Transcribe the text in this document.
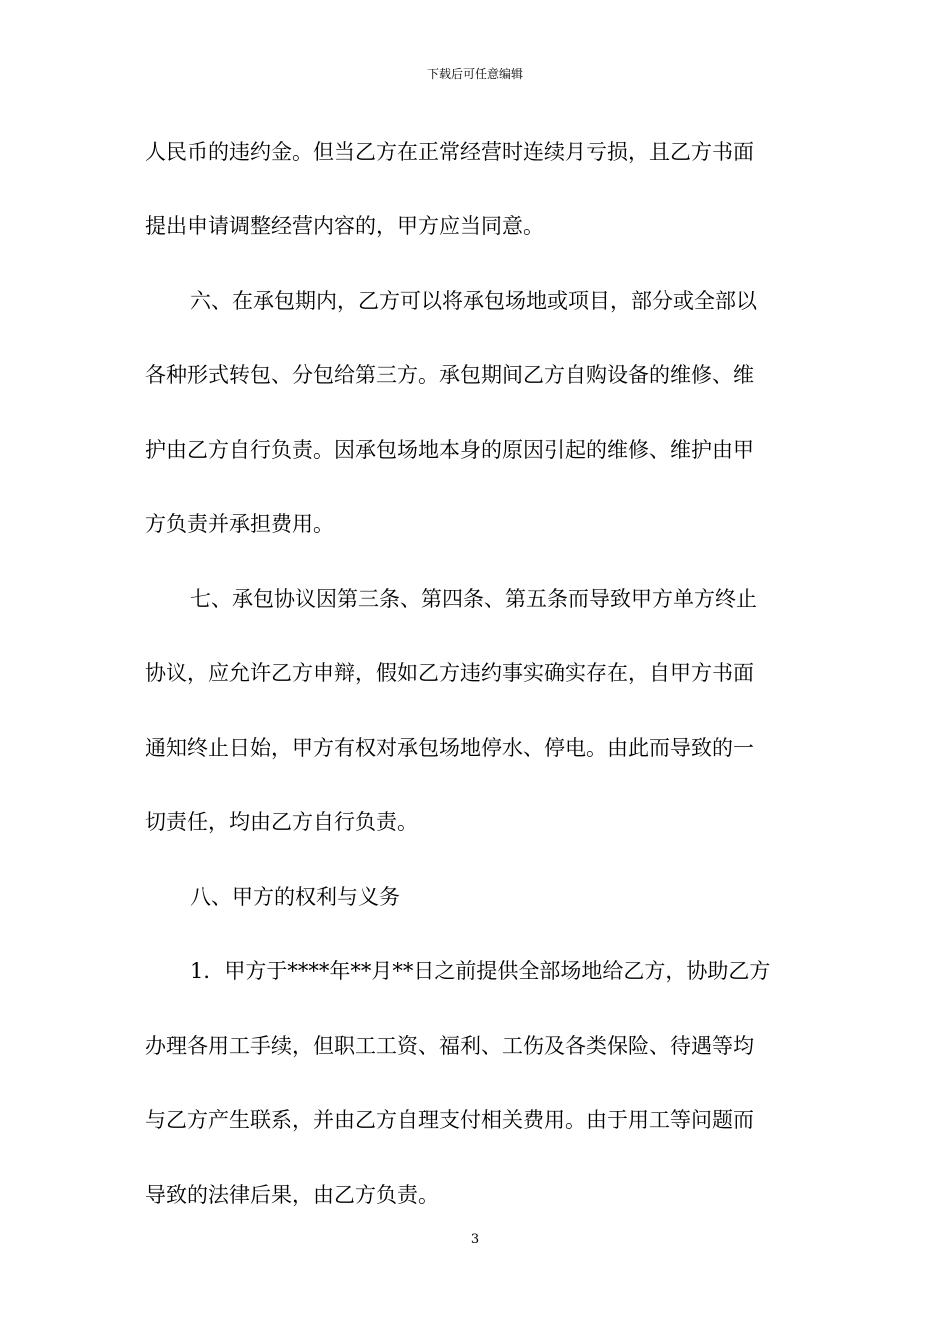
下载后可任意编辑
人民币的违约金。但当乙方在正常经营时连续月亏损，且乙方书面
提出申请调整经营内容的，甲方应当同意。
六、在承包期内，乙方可以将承包场地或项目，部分或全部以
各种形式转包、分包给第三方。承包期间乙方自购设备的维修、维
护由乙方自行负责。因承包场地本身的原因引起的维修、维护由甲
方负责并承担费用。
七、承包协议因第三条、第四条、第五条而导致甲方单方终止
协议，应允许乙方申辩，假如乙方违约事实确实存在，自甲方书面
通知终止日始，甲方有权对承包场地停水、停电。由此而导致的一
切责任，均由乙方自行负责。
八、甲方的权利与义务
1．甲方于****年**月**日之前提供全部场地给乙方，协助乙方
办理各用工手续，但职工工资、福利、工伤及各类保险、待遇等均
与乙方产生联系，并由乙方自理支付相关费用。由于用工等问题而
导致的法律后果，由乙方负责。
3
